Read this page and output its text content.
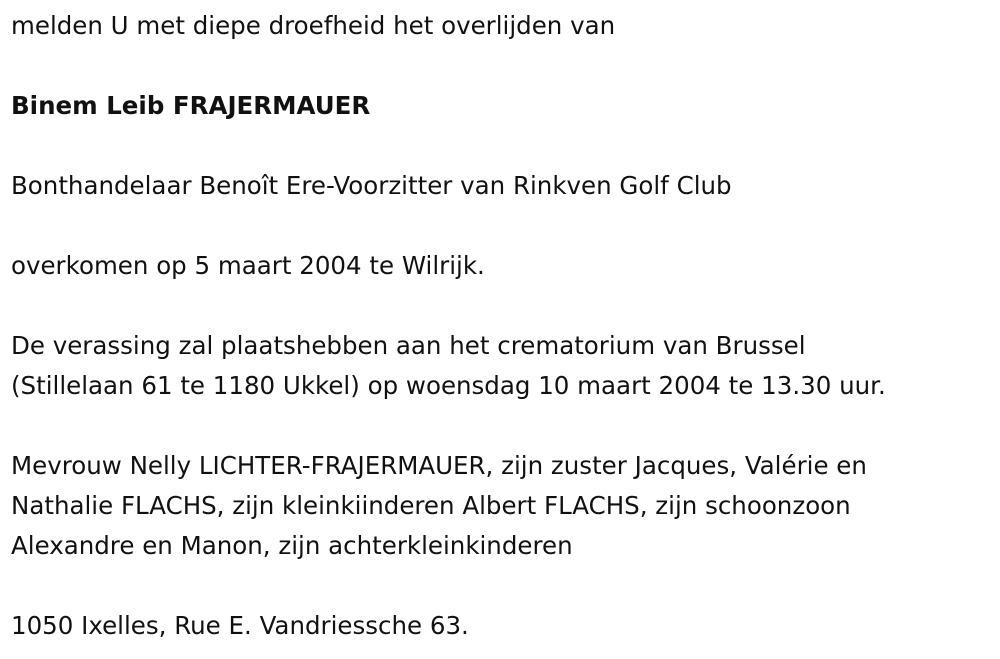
melden U met diepe droefheid het overlijden van

Binem Leib FRAJERMAUER

Bonthandelaar Benoît Ere-Voorzitter van Rinkven Golf Club

overkomen op 5 maart 2004 te Wilrijk.

De verassing zal plaatshebben aan het crematorium van Brussel
(Stillelaan 61 te 1180 Ukkel) op woensdag 10 maart 2004 te 13.30 uur.
Mevrouw Nelly LICHTER-FRAJERMAUER, zijn zuster Jacques, Valérie en
Nathalie FLACHS, zijn kleinkiinderen Albert FLACHS, zijn schoonzoon
Alexandre en Manon, zijn achterkleinkinderen

1050 Ixelles, Rue E. Vandriessche 63.
